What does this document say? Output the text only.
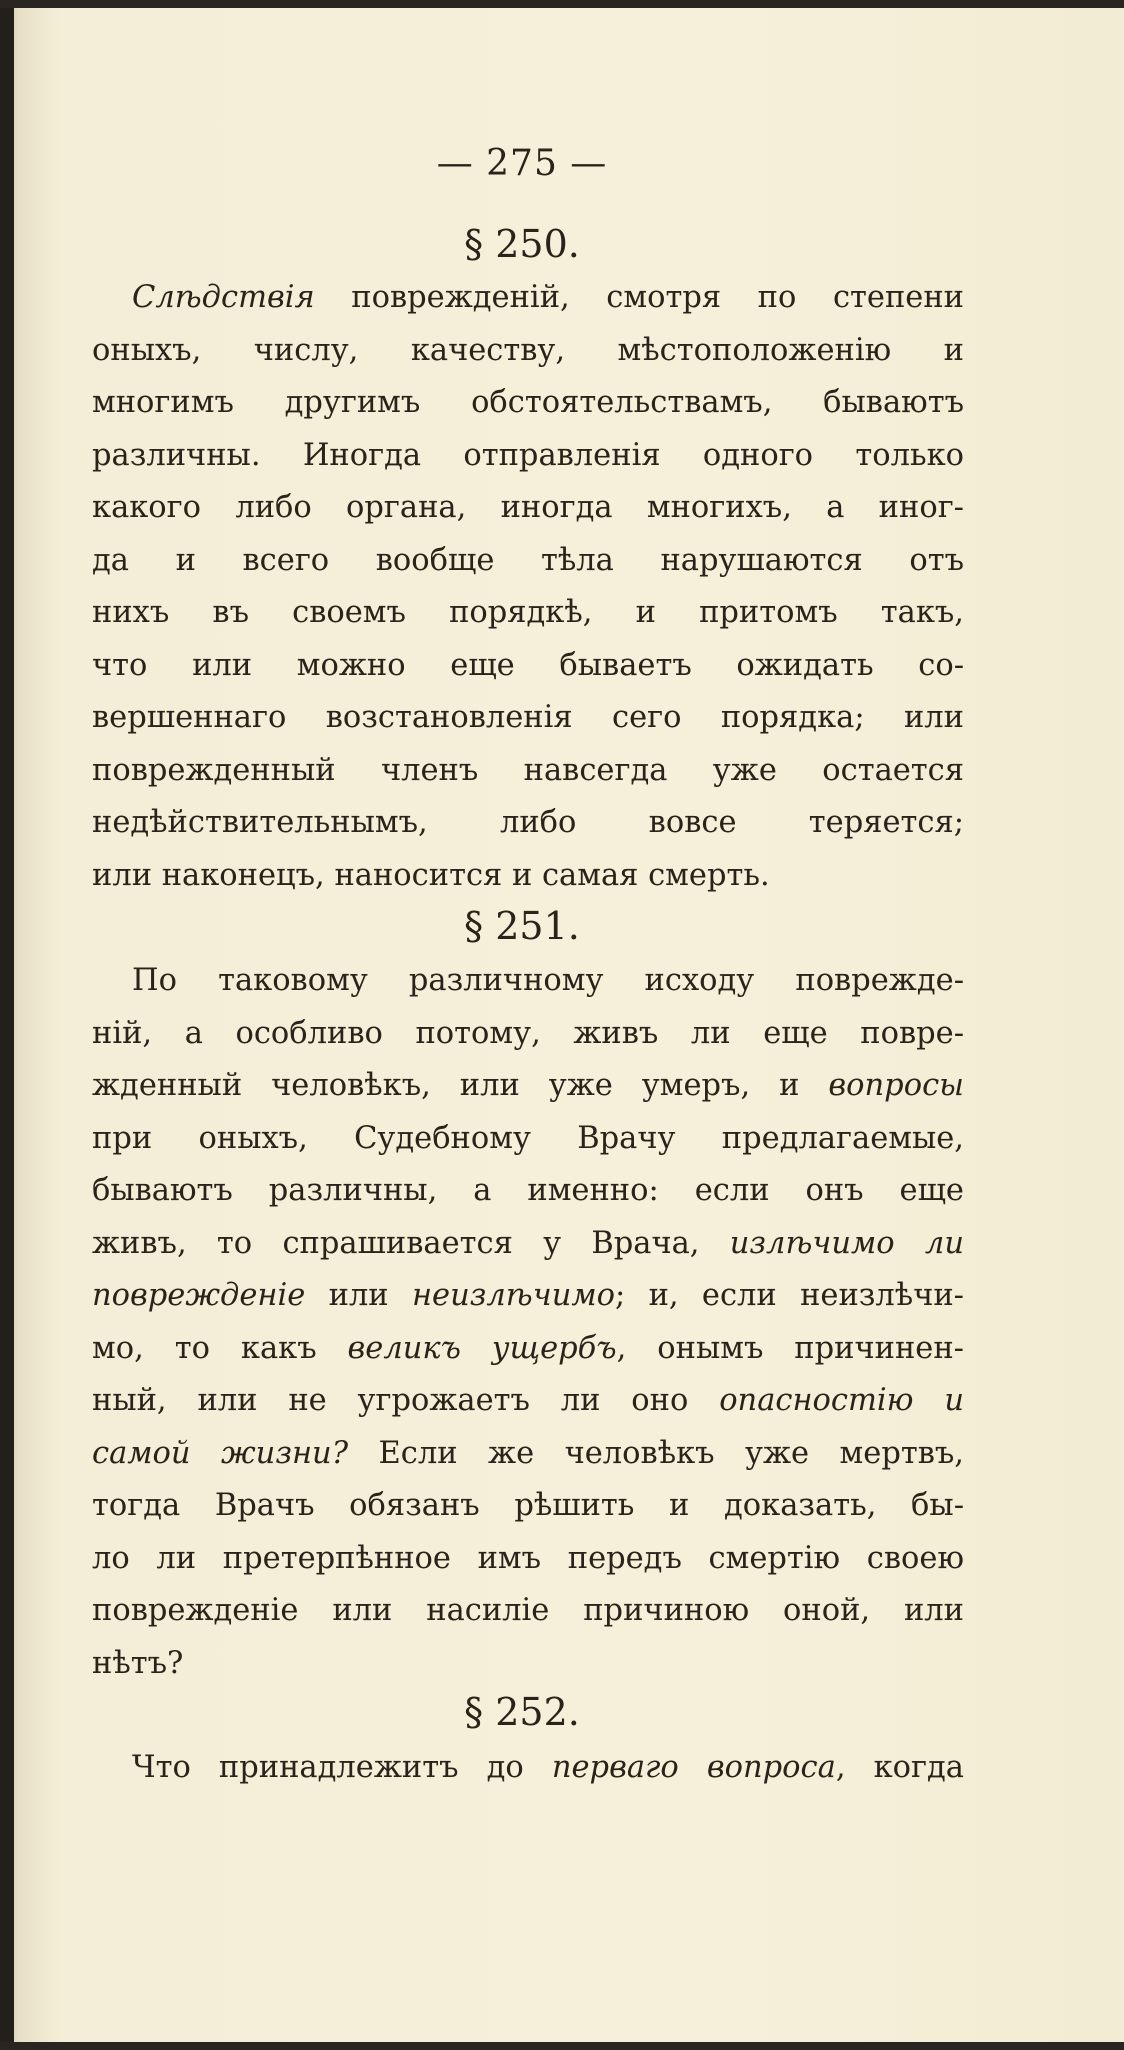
— 275 —
§ 250.
Слѣдствія поврежденій, смотря по степени
оныхъ, числу, качеству, мѣстоположенію и
многимъ другимъ обстоятельствамъ, бываютъ
различны. Иногда отправленія одного только
какого либо органа, иногда многихъ, а иног-
да и всего вообще тѣла нарушаются отъ
нихъ въ своемъ порядкѣ, и притомъ такъ,
что или можно еще бываетъ ожидать со-
вершеннаго возстановленія сего порядка; или
поврежденный членъ навсегда уже остается
недѣйствительнымъ, либо вовсе теряется;
или наконецъ, наносится и самая смерть.
§ 251.
По таковому различному исходу поврежде-
ній, а особливо потому, живъ ли еще повре-
жденный человѣкъ, или уже умеръ, и вопросы
при оныхъ, Судебному Врачу предлагаемые,
бываютъ различны, а именно: если онъ еще
живъ, то спрашивается у Врача, излѣчимо ли
поврежденіе или неизлѣчимо; и, если неизлѣчи-
мо, то какъ великъ ущербъ, онымъ причинен-
ный, или не угрожаетъ ли оно опасностію и
самой жизни? Если же человѣкъ уже мертвъ,
тогда Врачъ обязанъ рѣшить и доказать, бы-
ло ли претерпѣнное имъ передъ смертію своею
поврежденіе или насиліе причиною оной, или
нѣтъ?
§ 252.
Что принадлежитъ до перваго вопроса, когда
